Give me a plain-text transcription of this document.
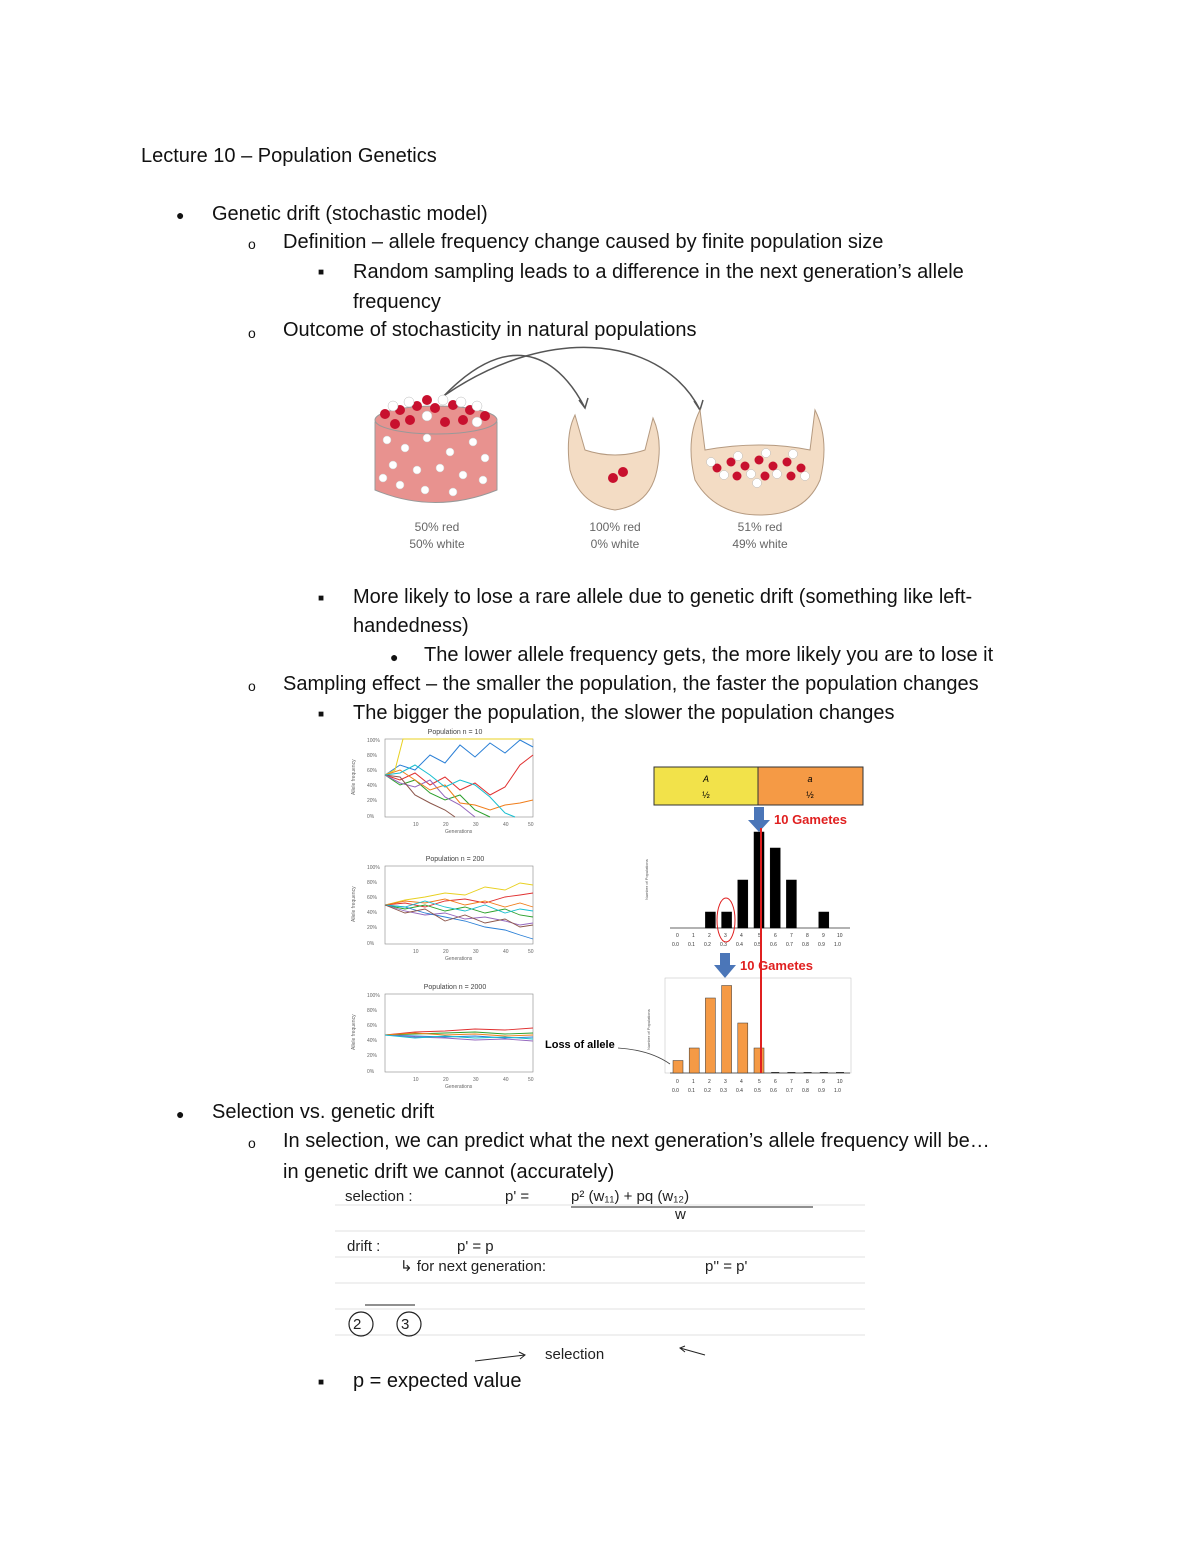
Lecture 10 – Population Genetics
● Genetic drift (stochastic model)
o Definition – allele frequency change caused by finite population size
■ Random sampling leads to a difference in the next generation’s allele
frequency
o Outcome of stochasticity in natural populations
50% red
50% white
100% red
0% white
51% red
49% white
■ More likely to lose a rare allele due to genetic drift (something like left-
handedness)
● The lower allele frequency gets, the more likely you are to lose it
o Sampling effect – the smaller the population, the faster the population changes
■ The bigger the population, the slower the population changes
Population n = 10
100%
80%
60%
40%
20%
0%
10	20	30	40	50
Generations
Allele frequency
Population n = 200
100%
80%
60%
40%
20%
0%
10	20	30	40	50
Generations
Allele frequency
Population n = 2000
100%
80%
60%
40%
20%
0%
10	20	30	40	50
Generations
Allele frequency
A
½
a
½
10 Gametes
Number of Populations
0	1	2	3	4	5	6	7	8	9 10
0.0 0.1 0.2 0.3 0.4 0.5 0.6 0.7 0.8 0.9 1.0
10 Gametes
Number of Populations
0	1	2	3	4	5	6	7	8	9 10
0.0 0.1 0.2 0.3 0.4 0.5 0.6 0.7 0.8 0.9 1.0
Loss of allele
● Selection vs. genetic drift
o In selection, we can predict what the next generation’s allele frequency will be…
in genetic drift we cannot (accurately)
selection :	p' =	p² (w₁₁) + pq (w₁₂)
w̄
drift :	p' = p
↳ for next generation:	p'' = p'
2	3
selection
■ p = expected value
